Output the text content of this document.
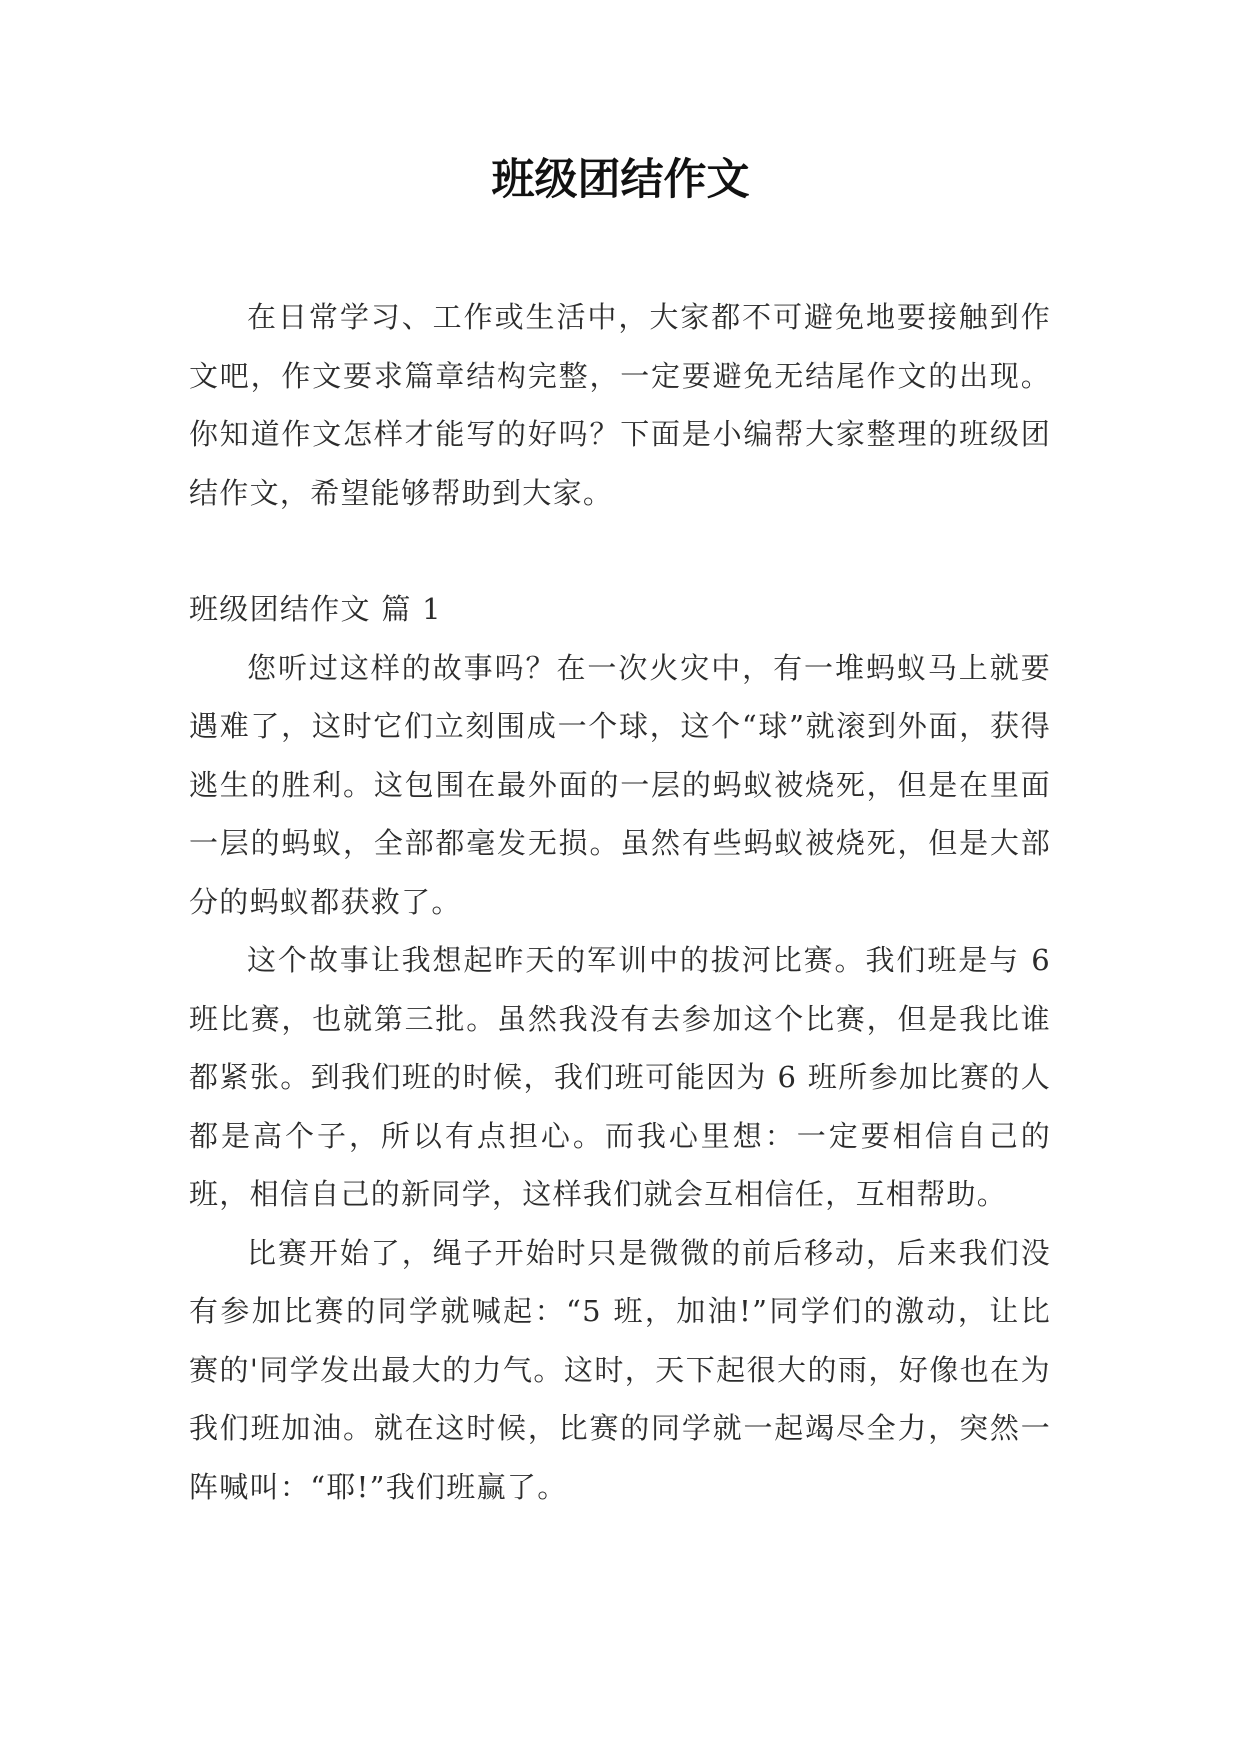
班级团结作文

在日常学习、工作或生活中，大家都不可避免地要接触到作文吧，作文要求篇章结构完整，一定要避免无结尾作文的出现。你知道作文怎样才能写的好吗？下面是小编帮大家整理的班级团结作文，希望能够帮助到大家。

班级团结作文 篇 1

您听过这样的故事吗？在一次火灾中，有一堆蚂蚁马上就要遇难了，这时它们立刻围成一个球，这个“球”就滚到外面，获得逃生的胜利。这包围在最外面的一层的蚂蚁被烧死，但是在里面一层的蚂蚁，全部都毫发无损。虽然有些蚂蚁被烧死，但是大部分的蚂蚁都获救了。

这个故事让我想起昨天的军训中的拔河比赛。我们班是与 6 班比赛，也就第三批。虽然我没有去参加这个比赛，但是我比谁都紧张。到我们班的时候，我们班可能因为 6 班所参加比赛的人都是高个子，所以有点担心。而我心里想：一定要相信自己的班，相信自己的新同学，这样我们就会互相信任，互相帮助。

比赛开始了，绳子开始时只是微微的前后移动，后来我们没有参加比赛的同学就喊起：“5 班，加油!”同学们的激动，让比赛的'同学发出最大的力气。这时，天下起很大的雨，好像也在为我们班加油。就在这时候，比赛的同学就一起竭尽全力，突然一阵喊叫：“耶!”我们班赢了。
